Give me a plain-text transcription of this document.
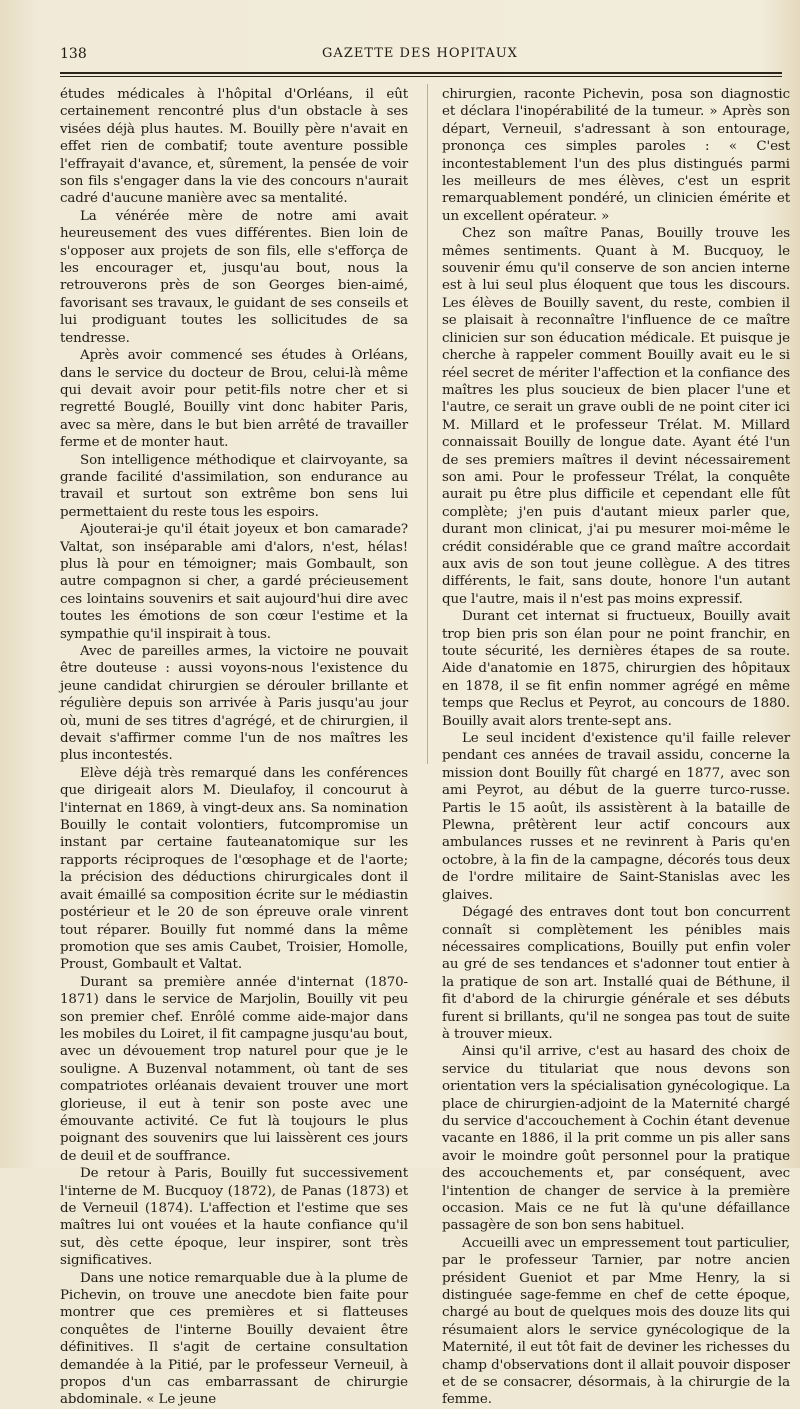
138	GAZETTE DES HOPITAUX

études médicales à l'hôpital d'Orléans, il eût certainement rencontré plus d'un obstacle à ses visées déjà plus hautes. M. Bouilly père n'avait en effet rien de combatif; toute aventure possible l'effrayait d'avance, et, sûrement, la pensée de voir son fils s'engager dans la vie des concours n'aurait cadré d'aucune manière avec sa mentalité.

La vénérée mère de notre ami avait heureusement des vues différentes. Bien loin de s'opposer aux projets de son fils, elle s'efforça de les encourager et, jusqu'au bout, nous la retrouverons près de son Georges bien-aimé, favorisant ses travaux, le guidant de ses conseils et lui prodiguant toutes les sollicitudes de sa tendresse.

Après avoir commencé ses études à Orléans, dans le service du docteur de Brou, celui-là même qui devait avoir pour petit-fils notre cher et si regretté Bouglé, Bouilly vint donc habiter Paris, avec sa mère, dans le but bien arrêté de travailler ferme et de monter haut.

Son intelligence méthodique et clairvoyante, sa grande facilité d'assimilation, son endurance au travail et surtout son extrême bon sens lui permettaient du reste tous les espoirs.

Ajouterai-je qu'il était joyeux et bon camarade? Valtat, son inséparable ami d'alors, n'est, hélas! plus là pour en témoigner; mais Gombault, son autre compagnon si cher, a gardé précieusement ces lointains souvenirs et sait aujourd'hui dire avec toutes les émotions de son cœur l'estime et la sympathie qu'il inspirait à tous.

Avec de pareilles armes, la victoire ne pouvait être douteuse : aussi voyons-nous l'existence du jeune candidat chirurgien se dérouler brillante et régulière depuis son arrivée à Paris jusqu'au jour où, muni de ses titres d'agrégé, et de chirurgien, il devait s'affirmer comme l'un de nos maîtres les plus incontestés.

Elève déjà très remarqué dans les conférences que dirigeait alors M. Dieulafoy, il concourut à l'internat en 1869, à vingt-deux ans. Sa nomination Bouilly le contait volontiers, futcompromise un instant par certaine fauteanatomique sur les rapports réciproques de l'œsophage et de l'aorte; la précision des déductions chirurgicales dont il avait émaillé sa composition écrite sur le médiastin postérieur et le 20 de son épreuve orale vinrent tout réparer. Bouilly fut nommé dans la même promotion que ses amis Caubet, Troisier, Homolle, Proust, Gombault et Valtat.

Durant sa première année d'internat (1870-1871) dans le service de Marjolin, Bouilly vit peu son premier chef. Enrôlé comme aide-major dans les mobiles du Loiret, il fit campagne jusqu'au bout, avec un dévouement trop naturel pour que je le souligne. A Buzenval notamment, où tant de ses compatriotes orléanais devaient trouver une mort glorieuse, il eut à tenir son poste avec une émouvante activité. Ce fut là toujours le plus poignant des souvenirs que lui laissèrent ces jours de deuil et de souffrance.

De retour à Paris, Bouilly fut successivement l'interne de M. Bucquoy (1872), de Panas (1873) et de Verneuil (1874). L'affection et l'estime que ses maîtres lui ont vouées et la haute confiance qu'il sut, dès cette époque, leur inspirer, sont très significatives.

Dans une notice remarquable due à la plume de Pichevin, on trouve une anecdote bien faite pour montrer que ces premières et si flatteuses conquêtes de l'interne Bouilly devaient être définitives. Il s'agit de certaine consultation demandée à la Pitié, par le professeur Verneuil, à propos d'un cas embarrassant de chirurgie abdominale. « Le jeune

chirurgien, raconte Pichevin, posa son diagnostic et déclara l'inopérabilité de la tumeur. » Après son départ, Verneuil, s'adressant à son entourage, prononça ces simples paroles : « C'est incontestablement l'un des plus distingués parmi les meilleurs de mes élèves, c'est un esprit remarquablement pondéré, un clinicien émérite et un excellent opérateur. »

Chez son maître Panas, Bouilly trouve les mêmes sentiments. Quant à M. Bucquoy, le souvenir ému qu'il conserve de son ancien interne est à lui seul plus éloquent que tous les discours. Les élèves de Bouilly savent, du reste, combien il se plaisait à reconnaître l'influence de ce maître clinicien sur son éducation médicale. Et puisque je cherche à rappeler comment Bouilly avait eu le si réel secret de mériter l'affection et la confiance des maîtres les plus soucieux de bien placer l'une et l'autre, ce serait un grave oubli de ne point citer ici M. Millard et le professeur Trélat. M. Millard connaissait Bouilly de longue date. Ayant été l'un de ses premiers maîtres il devint nécessairement son ami. Pour le professeur Trélat, la conquête aurait pu être plus difficile et cependant elle fût complète; j'en puis d'autant mieux parler que, durant mon clinicat, j'ai pu mesurer moi-même le crédit considérable que ce grand maître accordait aux avis de son tout jeune collègue. A des titres différents, le fait, sans doute, honore l'un autant que l'autre, mais il n'est pas moins expressif.

Durant cet internat si fructueux, Bouilly avait trop bien pris son élan pour ne point franchir, en toute sécurité, les dernières étapes de sa route. Aide d'anatomie en 1875, chirurgien des hôpitaux en 1878, il se fit enfin nommer agrégé en même temps que Reclus et Peyrot, au concours de 1880. Bouilly avait alors trente-sept ans.

Le seul incident d'existence qu'il faille relever pendant ces années de travail assidu, concerne la mission dont Bouilly fût chargé en 1877, avec son ami Peyrot, au début de la guerre turco-russe. Partis le 15 août, ils assistèrent à la bataille de Plewna, prêtèrent leur actif concours aux ambulances russes et ne revinrent à Paris qu'en octobre, à la fin de la campagne, décorés tous deux de l'ordre militaire de Saint-Stanislas avec les glaives.

Dégagé des entraves dont tout bon concurrent connaît si complètement les pénibles mais nécessaires complications, Bouilly put enfin voler au gré de ses tendances et s'adonner tout entier à la pratique de son art. Installé quai de Béthune, il fit d'abord de la chirurgie générale et ses débuts furent si brillants, qu'il ne songea pas tout de suite à trouver mieux.

Ainsi qu'il arrive, c'est au hasard des choix de service du titulariat que nous devons son orientation vers la spécialisation gynécologique. La place de chirurgien-adjoint de la Maternité chargé du service d'accouchement à Cochin étant devenue vacante en 1886, il la prit comme un pis aller sans avoir le moindre goût personnel pour la pratique des accouchements et, par conséquent, avec l'intention de changer de service à la première occasion. Mais ce ne fut là qu'une défaillance passagère de son bon sens habituel.

Accueilli avec un empressement tout particulier, par le professeur Tarnier, par notre ancien président Gueniot et par Mme Henry, la si distinguée sage-femme en chef de cette époque, chargé au bout de quelques mois des douze lits qui résumaient alors le service gynécologique de la Maternité, il eut tôt fait de deviner les richesses du champ d'observations dont il allait pouvoir disposer et de se consacrer, désormais, à la chirurgie de la femme.
